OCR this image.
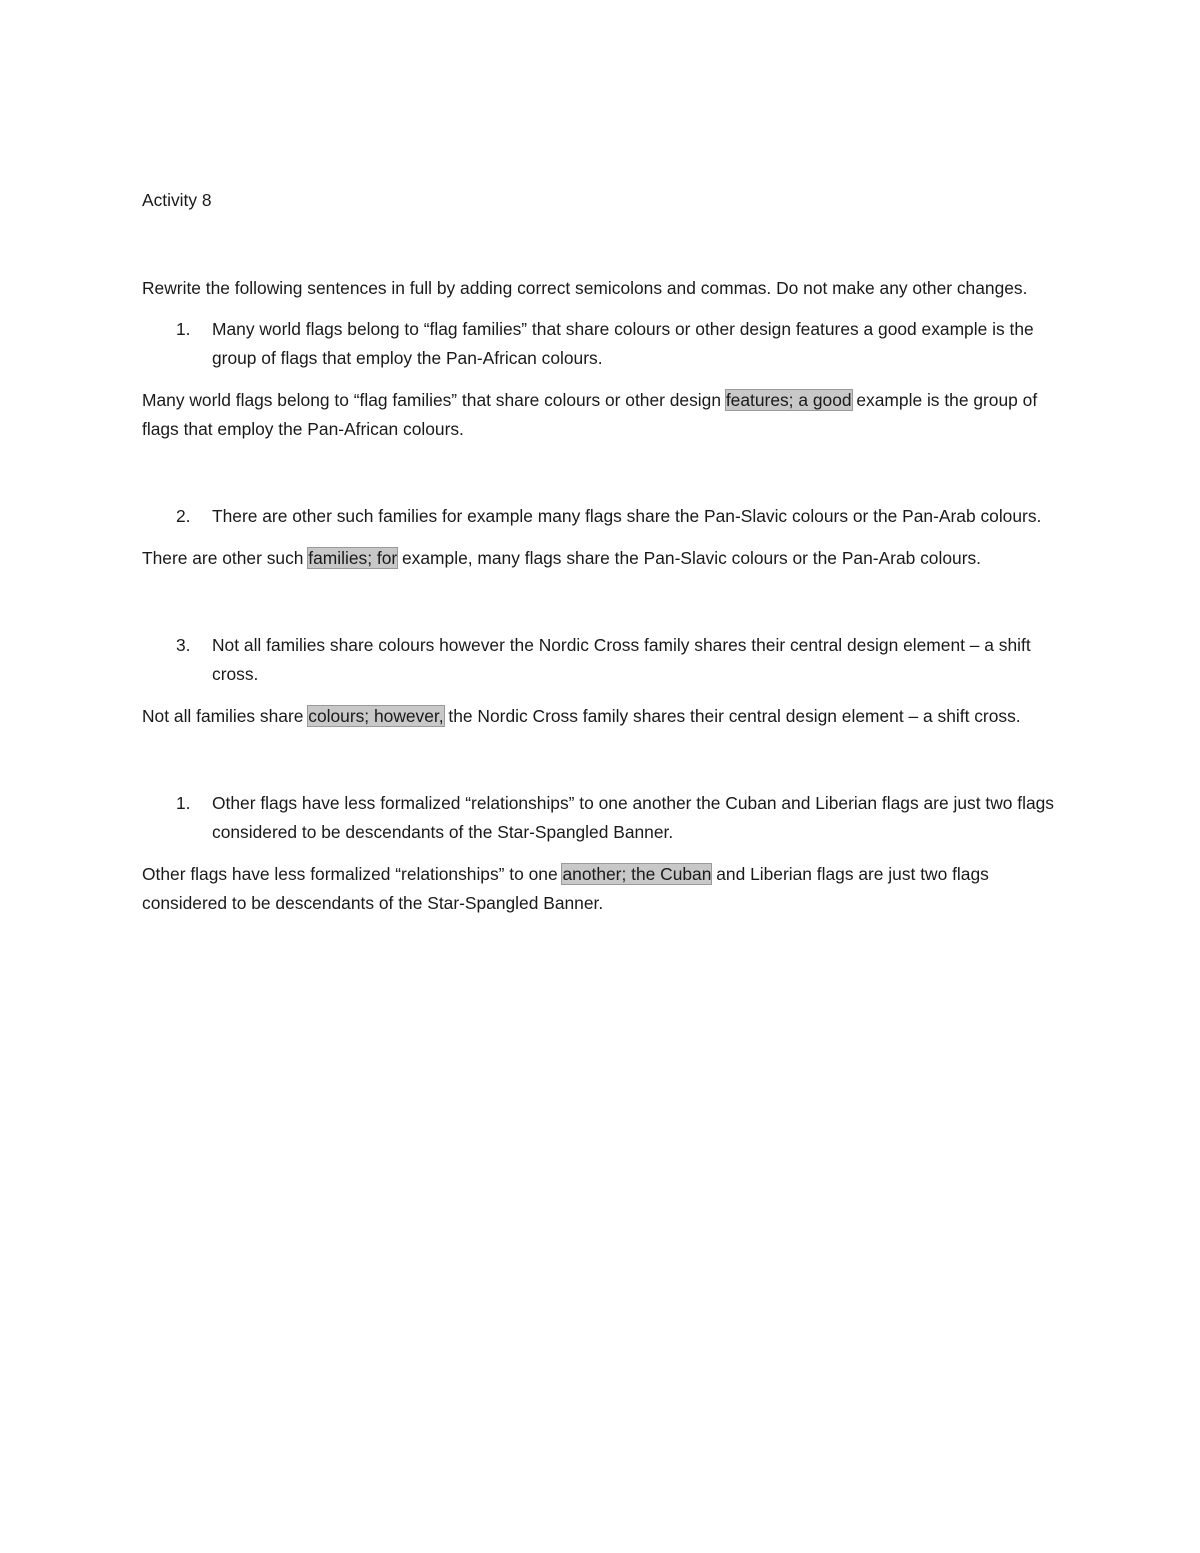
Activity 8

Rewrite the following sentences in full by adding correct semicolons and commas. Do not make any other changes.

1. Many world flags belong to “flag families” that share colours or other design features a good example is the group of flags that employ the Pan-African colours.

Many world flags belong to “flag families” that share colours or other design features; a good example is the group of flags that employ the Pan-African colours.

2. There are other such families for example many flags share the Pan-Slavic colours or the Pan-Arab colours.

There are other such families; for example, many flags share the Pan-Slavic colours or the Pan-Arab colours.

3. Not all families share colours however the Nordic Cross family shares their central design element – a shift cross.

Not all families share colours; however, the Nordic Cross family shares their central design element – a shift cross.

1. Other flags have less formalized “relationships” to one another the Cuban and Liberian flags are just two flags considered to be descendants of the Star-Spangled Banner.

Other flags have less formalized “relationships” to one another; the Cuban and Liberian flags are just two flags considered to be descendants of the Star-Spangled Banner.
